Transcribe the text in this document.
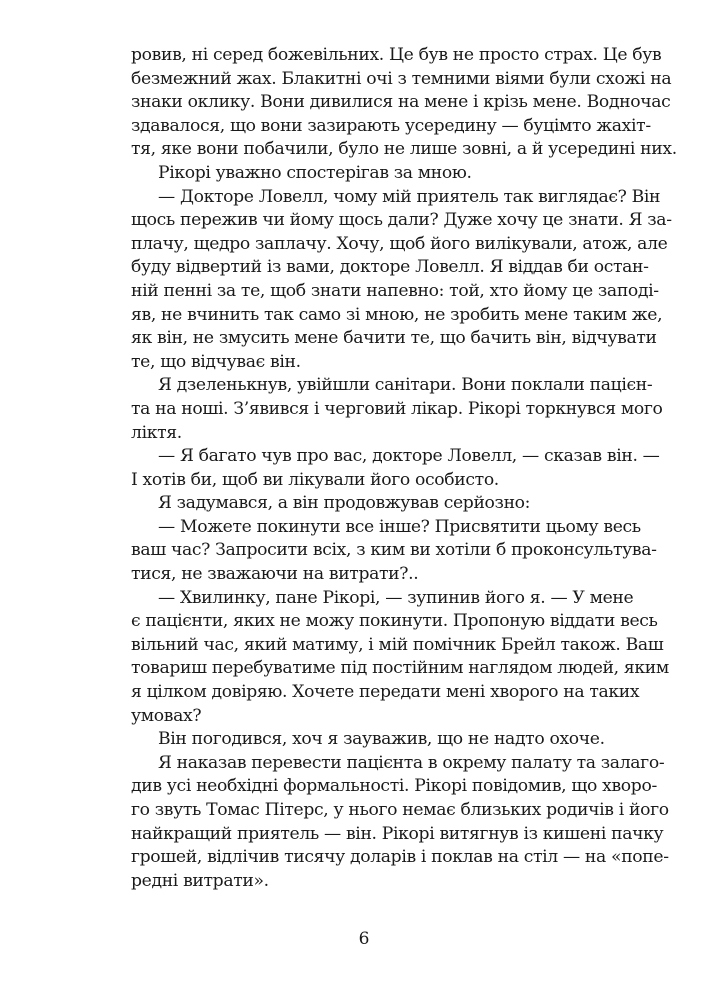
ровив, ні серед божевільних. Це був не просто страх. Це був
безмежний жах. Блакитні очі з темними віями були схожі на
знаки оклику. Вони дивилися на мене і крізь мене. Водночас
здавалося, що вони зазирають усередину — буцімто жахіт-
тя, яке вони побачили, було не лише зовні, а й усередині них.
Рікорі уважно спостерігав за мною.
— Докторе Ловелл, чому мій приятель так виглядає? Він
щось пережив чи йому щось дали? Дуже хочу це знати. Я за-
плачу, щедро заплачу. Хочу, щоб його вилікували, атож, але
буду відвертий із вами, докторе Ловелл. Я віддав би остан-
ній пенні за те, щоб знати напевно: той, хто йому це заподі-
яв, не вчинить так само зі мною, не зробить мене таким же,
як він, не змусить мене бачити те, що бачить він, відчувати
те, що відчуває він.
Я дзеленькнув, увійшли санітари. Вони поклали пацієн-
та на ноші. З’явився і черговий лікар. Рікорі торкнувся мого
ліктя.
— Я багато чув про вас, докторе Ловелл, — сказав він. —
І хотів би, щоб ви лікували його особисто.
Я задумався, а він продовжував серйозно:
— Можете покинути все інше? Присвятити цьому весь
ваш час? Запросити всіх, з ким ви хотіли б проконсультува-
тися, не зважаючи на витрати?..
— Хвилинку, пане Рікорі, — зупинив його я. — У мене
є пацієнти, яких не можу покинути. Пропоную віддати весь
вільний час, який матиму, і мій помічник Брейл також. Ваш
товариш перебуватиме під постійним наглядом людей, яким
я цілком довіряю. Хочете передати мені хворого на таких
умовах?
Він погодився, хоч я зауважив, що не надто охоче.
Я наказав перевести пацієнта в окрему палату та залаго-
див усі необхідні формальності. Рікорі повідомив, що хворо-
го звуть Томас Пітерс, у нього немає близьких родичів і його
найкращий приятель — він. Рікорі витягнув із кишені пачку
грошей, відлічив тисячу доларів і поклав на стіл — на «попе-
редні витрати».
6
